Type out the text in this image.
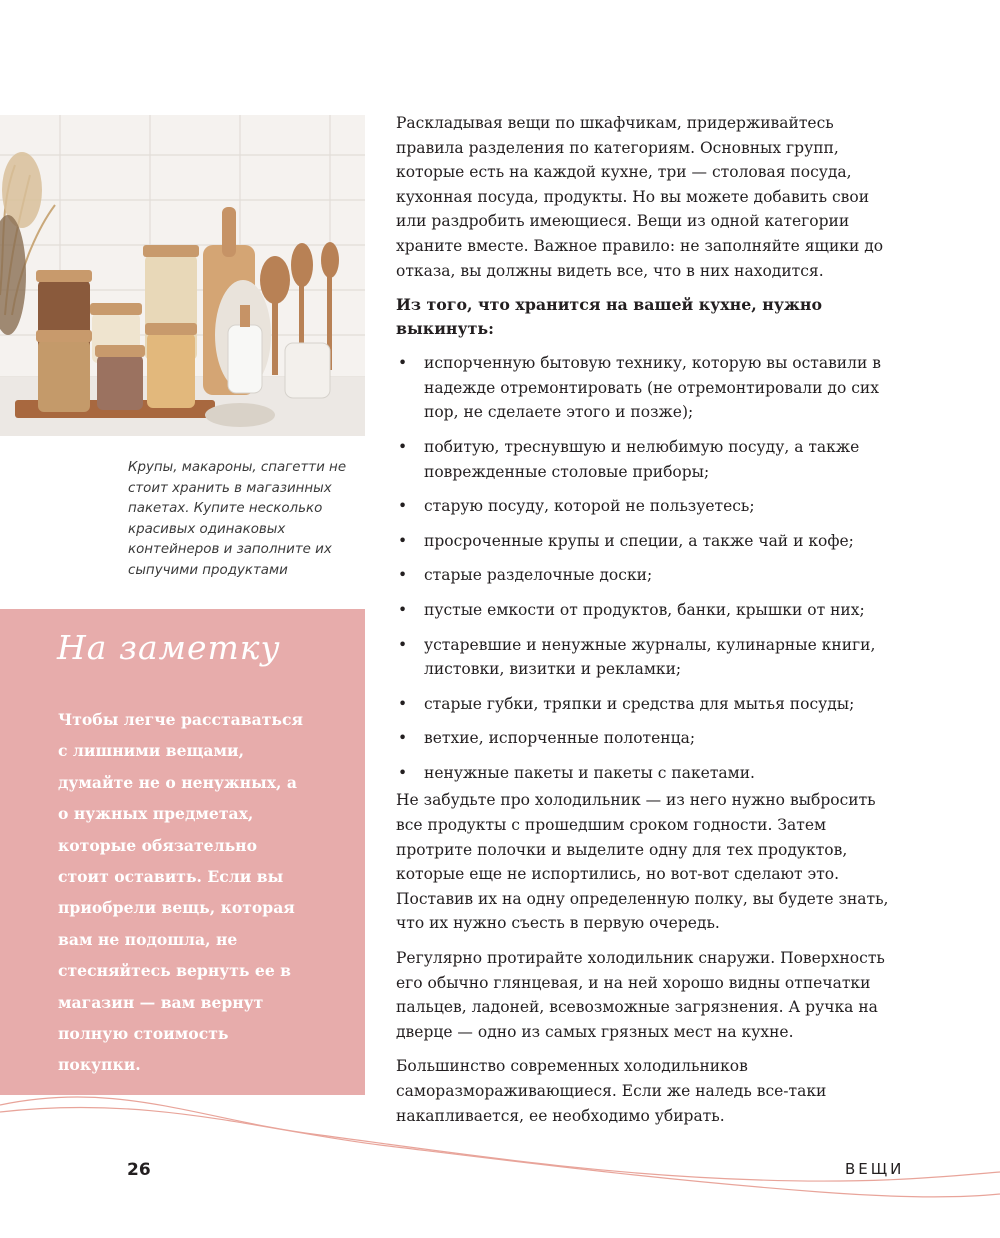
Крупы, макароны, спагетти не стоит хранить в магазинных пакетах. Купите несколько красивых одинаковых контейнеров и заполните их сыпучими продуктами

На заметку

Чтобы легче расставаться с лишними вещами, думайте не о ненужных, а о нужных предметах, которые обязательно стоит оставить. Если вы приобрели вещь, которая вам не подошла, не стесняйтесь вернуть ее в магазин — вам вернут полную стоимость покупки.

Раскладывая вещи по шкафчикам, придерживайтесь правила разделения по категориям. Основных групп, которые есть на каждой кухне, три — столовая посуда, кухонная посуда, продукты. Но вы можете добавить свои или раздробить имеющиеся. Вещи из одной категории храните вместе. Важное правило: не заполняйте ящики до отказа, вы должны видеть все, что в них находится.

Из того, что хранится на вашей кухне, нужно выкинуть:

• испорченную бытовую технику, которую вы оставили в надежде отремонтировать (не отремонтировали до сих пор, не сделаете этого и позже);
• побитую, треснувшую и нелюбимую посуду, а также поврежденные столовые приборы;
• старую посуду, которой не пользуетесь;
• просроченные крупы и специи, а также чай и кофе;
• старые разделочные доски;
• пустые емкости от продуктов, банки, крышки от них;
• устаревшие и ненужные журналы, кулинарные книги, листовки, визитки и рекламки;
• старые губки, тряпки и средства для мытья посуды;
• ветхие, испорченные полотенца;
• ненужные пакеты и пакеты с пакетами.

Не забудьте про холодильник — из него нужно выбросить все продукты с прошедшим сроком годности. Затем протрите полочки и выделите одну для тех продуктов, которые еще не испортились, но вот-вот сделают это. Поставив их на одну определенную полку, вы будете знать, что их нужно съесть в первую очередь.

Регулярно протирайте холодильник снаружи. Поверхность его обычно глянцевая, и на ней хорошо видны отпечатки пальцев, ладоней, всевозможные загрязнения. А ручка на дверце — одно из самых грязных мест на кухне.

Большинство современных холодильников саморазмораживающиеся. Если же наледь все-таки накапливается, ее необходимо убирать.

26	ВЕЩИ
